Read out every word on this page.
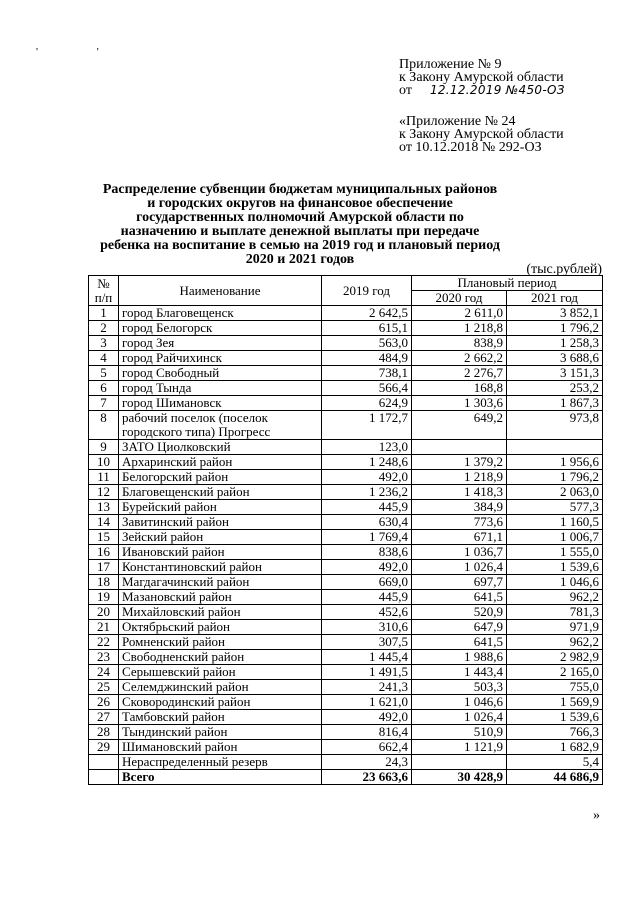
' '
Приложение № 9
к Закону Амурской области
от 12.12.2019 №450-ОЗ
«Приложение № 24
к Закону Амурской области
от 10.12.2018 № 292-ОЗ
Распределение субвенции бюджетам муниципальных районов и городских округов на финансовое обеспечение государственных полномочий Амурской области по назначению и выплате денежной выплаты при передаче ребенка на воспитание в семью на 2019 год и плановый период 2020 и 2021 годов
(тыс.рублей)
№ п/п	Наименование	2019 год	Плановый период	
			2020 год	2021 год
1	город Благовещенск	2 642,5	2 611,0	3 852,1
2	город Белогорск	615,1	1 218,8	1 796,2
3	город Зея	563,0	838,9	1 258,3
4	город Райчихинск	484,9	2 662,2	3 688,6
5	город Свободный	738,1	2 276,7	3 151,3
6	город Тында	566,4	168,8	253,2
7	город Шимановск	624,9	1 303,6	1 867,3
8	рабочий поселок (поселок городского типа) Прогресс	1 172,7	649,2	973,8
9	ЗАТО Циолковский	123,0		
10	Архаринский район	1 248,6	1 379,2	1 956,6
11	Белогорский район	492,0	1 218,9	1 796,2
12	Благовещенский район	1 236,2	1 418,3	2 063,0
13	Бурейский район	445,9	384,9	577,3
14	Завитинский район	630,4	773,6	1 160,5
15	Зейский район	1 769,4	671,1	1 006,7
16	Ивановский район	838,6	1 036,7	1 555,0
17	Константиновский район	492,0	1 026,4	1 539,6
18	Магдагачинский район	669,0	697,7	1 046,6
19	Мазановский район	445,9	641,5	962,2
20	Михайловский район	452,6	520,9	781,3
21	Октябрьский район	310,6	647,9	971,9
22	Ромненский район	307,5	641,5	962,2
23	Свободненский район	1 445,4	1 988,6	2 982,9
24	Серышевский район	1 491,5	1 443,4	2 165,0
25	Селемджинский район	241,3	503,3	755,0
26	Сковородинский район	1 621,0	1 046,6	1 569,9
27	Тамбовский район	492,0	1 026,4	1 539,6
28	Тындинский район	816,4	510,9	766,3
29	Шимановский район	662,4	1 121,9	1 682,9
	Нераспределенный резерв	24,3		5,4
	Всего	23 663,6	30 428,9	44 686,9
»
